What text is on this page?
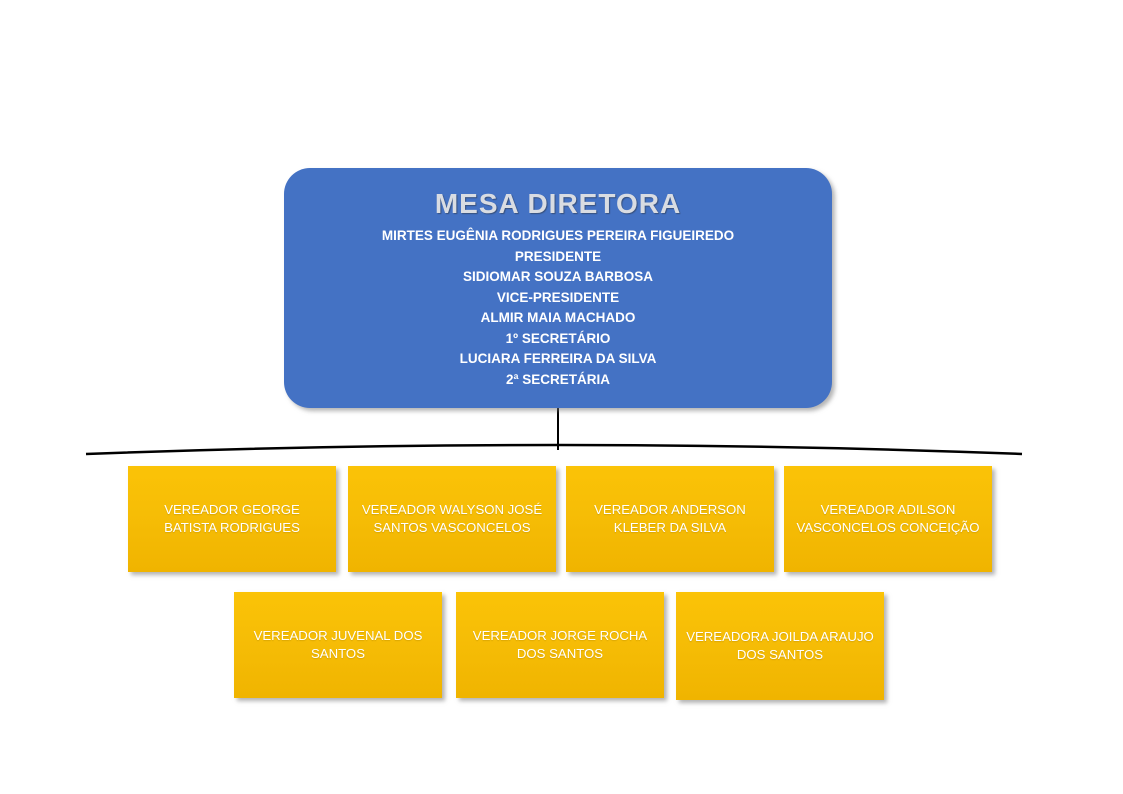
MESA DIRETORA
MIRTES EUGÊNIA RODRIGUES PEREIRA FIGUEIREDO
PRESIDENTE
SIDIOMAR SOUZA BARBOSA
VICE-PRESIDENTE
ALMIR MAIA MACHADO
1º SECRETÁRIO
LUCIARA FERREIRA DA SILVA
2ª SECRETÁRIA
VEREADOR GEORGE BATISTA RODRIGUES
VEREADOR WALYSON JOSÉ SANTOS VASCONCELOS
VEREADOR ANDERSON KLEBER DA SILVA
VEREADOR ADILSON VASCONCELOS CONCEIÇÃO
VEREADOR JUVENAL DOS SANTOS
VEREADOR JORGE ROCHA DOS SANTOS
VEREADORA JOILDA ARAUJO DOS SANTOS
